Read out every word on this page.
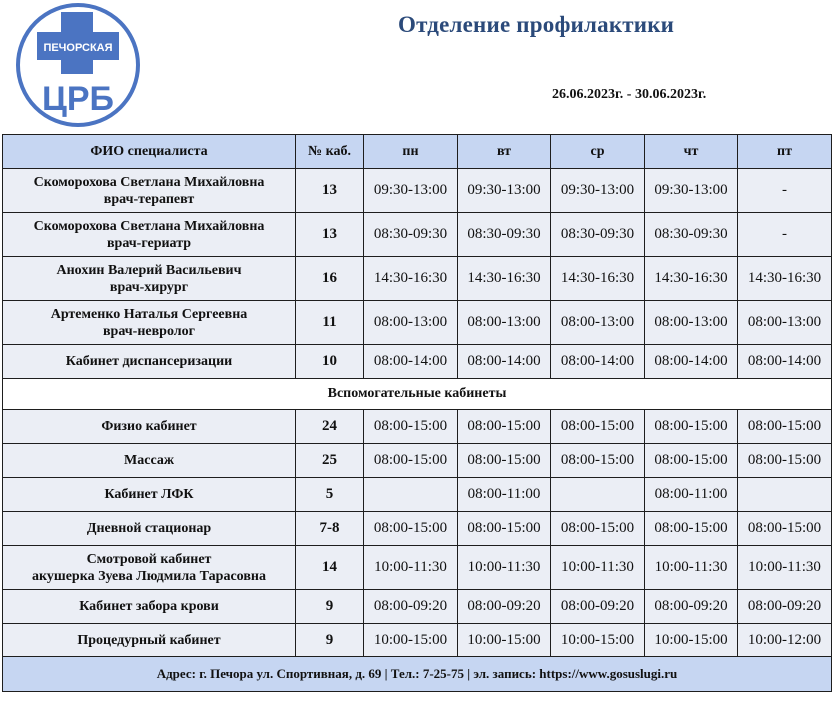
ПЕЧОРСКАЯ
ЦРБ
Отделение профилактики
26.06.2023г. - 30.06.2023г.
ФИО специалиста	№ каб.	пн	вт	ср	чт	пт

Скоморохова Светлана Михайловна
врач-терапевт	13	09:30-13:00	09:30-13:00	09:30-13:00	09:30-13:00	-

Скоморохова Светлана Михайловна
врач-гериатр	13	08:30-09:30	08:30-09:30	08:30-09:30	08:30-09:30	-

Анохин Валерий Васильевич
врач-хирург	16	14:30-16:30	14:30-16:30	14:30-16:30	14:30-16:30	14:30-16:30

Артеменко Наталья Сергеевна
врач-невролог	11	08:00-13:00	08:00-13:00	08:00-13:00	08:00-13:00	08:00-13:00

Кабинет диспансеризации	10	08:00-14:00	08:00-14:00	08:00-14:00	08:00-14:00	08:00-14:00
Вспомогательные кабинеты						

Физио кабинет	24	08:00-15:00	08:00-15:00	08:00-15:00	08:00-15:00	08:00-15:00

Массаж	25	08:00-15:00	08:00-15:00	08:00-15:00	08:00-15:00	08:00-15:00

Кабинет ЛФК	5		08:00-11:00		08:00-11:00	

Дневной стационар	7-8	08:00-15:00	08:00-15:00	08:00-15:00	08:00-15:00	08:00-15:00

Смотровой кабинет
акушерка Зуева Людмила Тарасовна	14	10:00-11:30	10:00-11:30	10:00-11:30	10:00-11:30	10:00-11:30

Кабинет забора крови	9	08:00-09:20	08:00-09:20	08:00-09:20	08:00-09:20	08:00-09:20

Процедурный кабинет	9	10:00-15:00	10:00-15:00	10:00-15:00	10:00-15:00	10:00-12:00
Адрес: г. Печора ул. Спортивная, д. 69 | Тел.: 7-25-75 | эл. запись: https://www.gosuslugi.ru						
